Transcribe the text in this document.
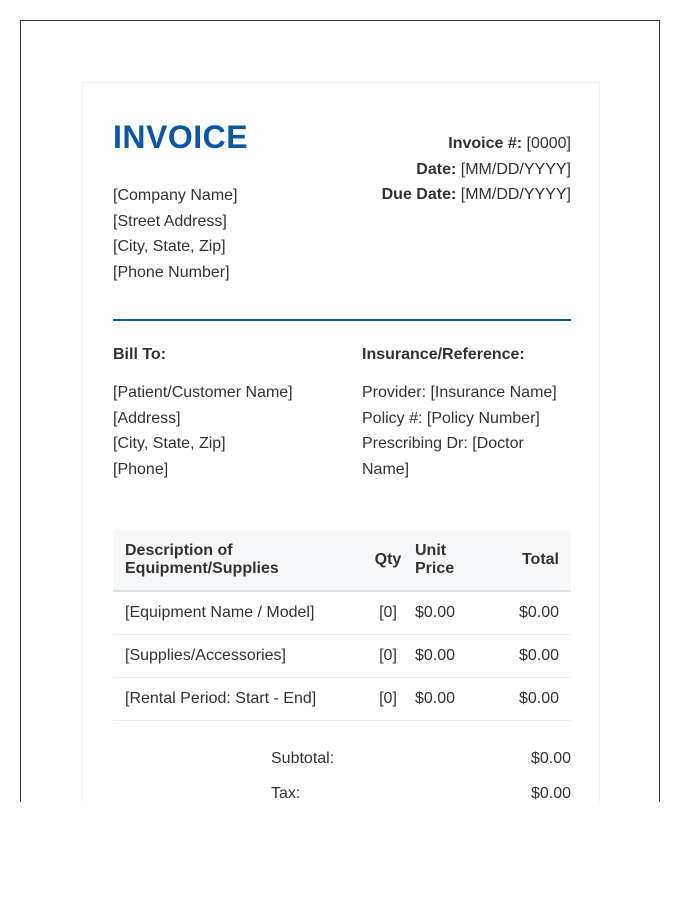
INVOICE
[Company Name]
[Street Address]
[City, State, Zip]
[Phone Number]
Invoice #: [0000]
Date: [MM/DD/YYYY]
Due Date: [MM/DD/YYYY]
Bill To:
[Patient/Customer Name]
[Address]
[City, State, Zip]
[Phone]
Insurance/Reference:
Provider: [Insurance Name]
Policy #: [Policy Number]
Prescribing Dr: [Doctor Name]
Description of Equipment/Supplies	Qty	Unit Price	Total
[Equipment Name / Model]	[0]	$0.00	$0.00
[Supplies/Accessories]	[0]	$0.00	$0.00
[Rental Period: Start - End]	[0]	$0.00	$0.00
Subtotal:	$0.00
Tax:	$0.00
